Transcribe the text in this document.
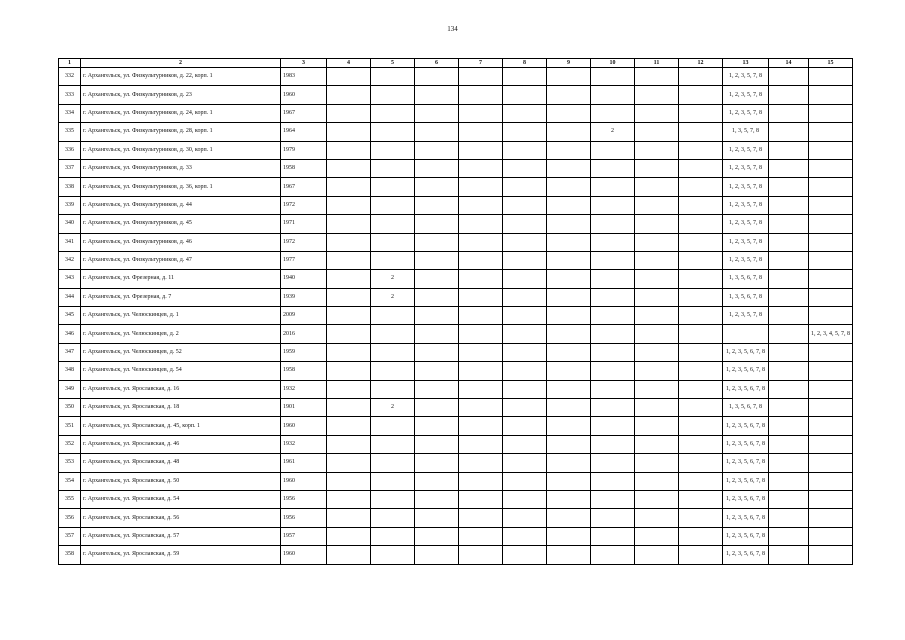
134
1	2	3	4	5	6	7	8	9	10	11	12	13	14	15
332	г. Архангельск, ул. Физкультурников, д. 22, корп. 1	1983										1, 2, 3, 5, 7, 8		
333	г. Архангельск, ул. Физкультурников, д. 23	1960										1, 2, 3, 5, 7, 8		
334	г. Архангельск, ул. Физкультурников, д. 24, корп. 1	1967										1, 2, 3, 5, 7, 8		
335	г. Архангельск, ул. Физкультурников, д. 28, корп. 1	1964							2			1, 3, 5, 7, 8		
336	г. Архангельск, ул. Физкультурников, д. 30, корп. 1	1979										1, 2, 3, 5, 7, 8		
337	г. Архангельск, ул. Физкультурников, д. 33	1958										1, 2, 3, 5, 7, 8		
338	г. Архангельск, ул. Физкультурников, д. 36, корп. 1	1967										1, 2, 3, 5, 7, 8		
339	г. Архангельск, ул. Физкультурников, д. 44	1972										1, 2, 3, 5, 7, 8		
340	г. Архангельск, ул. Физкультурников, д. 45	1971										1, 2, 3, 5, 7, 8		
341	г. Архангельск, ул. Физкультурников, д. 46	1972										1, 2, 3, 5, 7, 8		
342	г. Архангельск, ул. Физкультурников, д. 47	1977										1, 2, 3, 5, 7, 8		
343	г. Архангельск, ул. Фрезерная, д. 11	1940		2								1, 3, 5, 6, 7, 8		
344	г. Архангельск, ул. Фрезерная, д. 7	1939		2								1, 3, 5, 6, 7, 8		
345	г. Архангельск, ул. Челюскинцев, д. 1	2009										1, 2, 3, 5, 7, 8		
346	г. Архангельск, ул. Челюскинцев, д. 2	2016												1, 2, 3, 4, 5, 7, 8
347	г. Архангельск, ул. Челюскинцев, д. 52	1959										1, 2, 3, 5, 6, 7, 8		
348	г. Архангельск, ул. Челюскинцев, д. 54	1958										1, 2, 3, 5, 6, 7, 8		
349	г. Архангельск, ул. Ярославская, д. 16	1932										1, 2, 3, 5, 6, 7, 8		
350	г. Архангельск, ул. Ярославская, д. 18	1901		2								1, 3, 5, 6, 7, 8		
351	г. Архангельск, ул. Ярославская, д. 45, корп. 1	1960										1, 2, 3, 5, 6, 7, 8		
352	г. Архангельск, ул. Ярославская, д. 46	1932										1, 2, 3, 5, 6, 7, 8		
353	г. Архангельск, ул. Ярославская, д. 48	1961										1, 2, 3, 5, 6, 7, 8		
354	г. Архангельск, ул. Ярославская, д. 50	1960										1, 2, 3, 5, 6, 7, 8		
355	г. Архангельск, ул. Ярославская, д. 54	1956										1, 2, 3, 5, 6, 7, 8		
356	г. Архангельск, ул. Ярославская, д. 56	1956										1, 2, 3, 5, 6, 7, 8		
357	г. Архангельск, ул. Ярославская, д. 57	1957										1, 2, 3, 5, 6, 7, 8		
358	г. Архангельск, ул. Ярославская, д. 59	1960										1, 2, 3, 5, 6, 7, 8		
